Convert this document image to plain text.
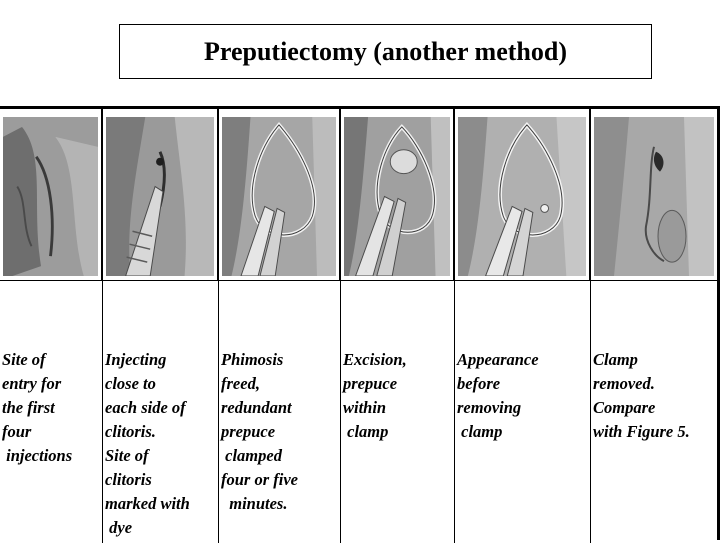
Preputiectomy (another method)
Site of
entry for
the first
four
injections
Injecting
close to
each side of
clitoris.
Site of
clitoris
marked with
dye
Phimosis
freed,
redundant
prepuce
clamped
four or five
minutes.
Excision,
prepuce
within
clamp
Appearance
before
removing
clamp
Clamp
removed.
Compare
with Figure 5.
